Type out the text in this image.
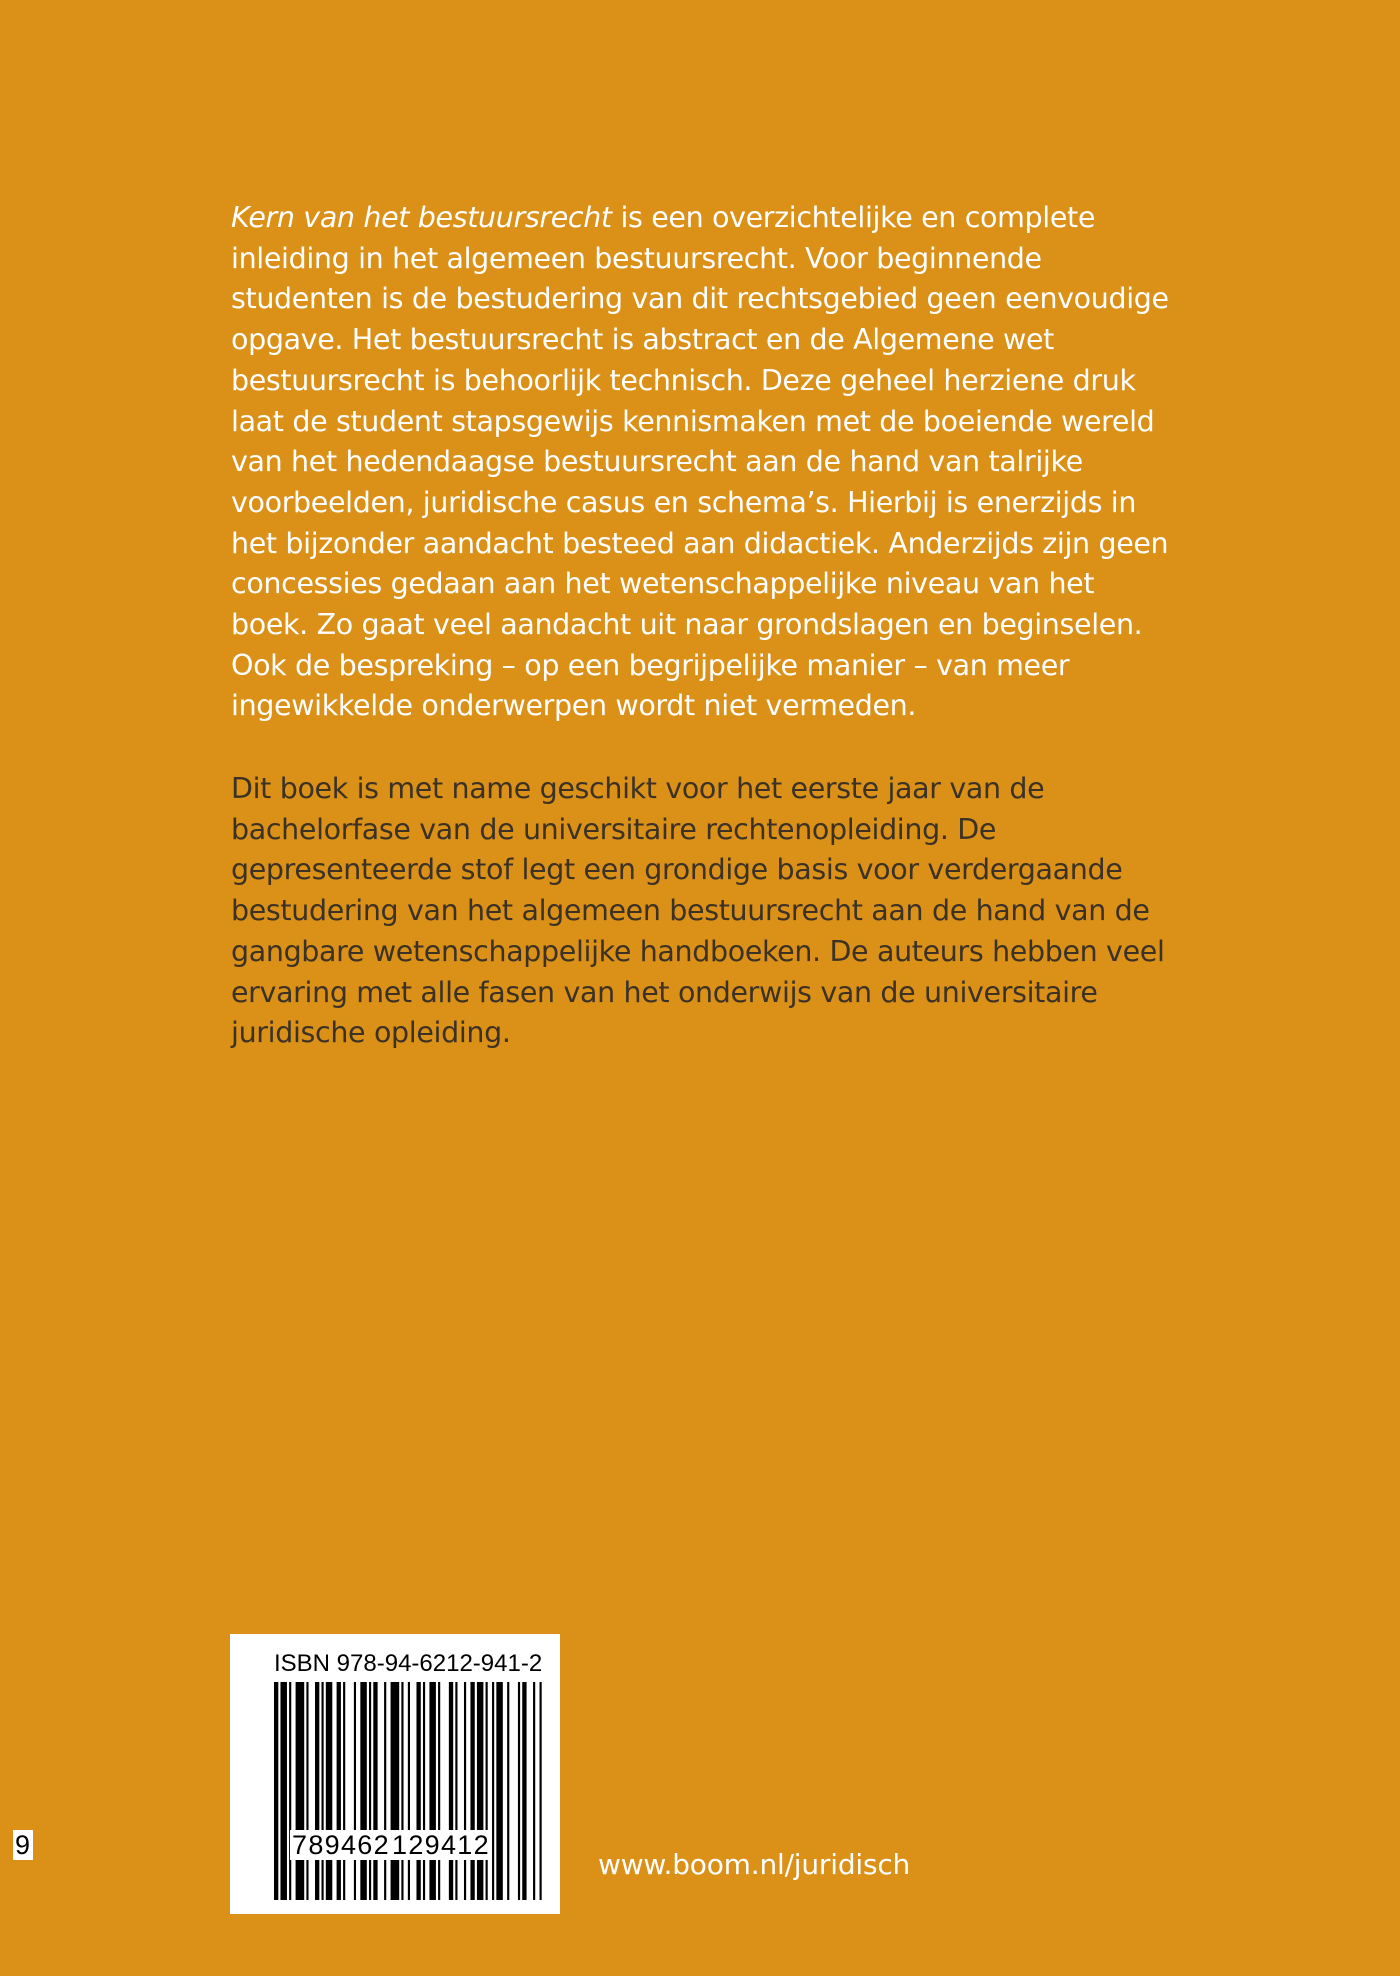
Kern van het bestuursrecht is een overzichtelijke en complete inleiding in het algemeen bestuursrecht. Voor beginnende studenten is de bestudering van dit rechtsgebied geen eenvoudige opgave. Het bestuursrecht is abstract en de Algemene wet bestuursrecht is behoorlijk technisch. Deze geheel herziene druk laat de student stapsgewijs kennismaken met de boeiende wereld van het hedendaagse bestuursrecht aan de hand van talrijke voorbeelden, juridische casus en schema’s. Hierbij is enerzijds in het bijzonder aandacht besteed aan didactiek. Anderzijds zijn geen concessies gedaan aan het wetenschappelijke niveau van het boek. Zo gaat veel aandacht uit naar grondslagen en beginselen. Ook de bespreking – op een begrijpelijke manier – van meer ingewikkelde onderwerpen wordt niet vermeden.

Dit boek is met name geschikt voor het eerste jaar van de bachelorfase van de universitaire rechtenopleiding. De gepresenteerde stof legt een grondige basis voor verdergaande bestudering van het algemeen bestuursrecht aan de hand van de gangbare wetenschappelijke handboeken. De auteurs hebben veel ervaring met alle fasen van het onderwijs van de universitaire juridische opleiding.

ISBN 978-94-6212-941-2
789462 129412
9
www.boom.nl/juridisch
